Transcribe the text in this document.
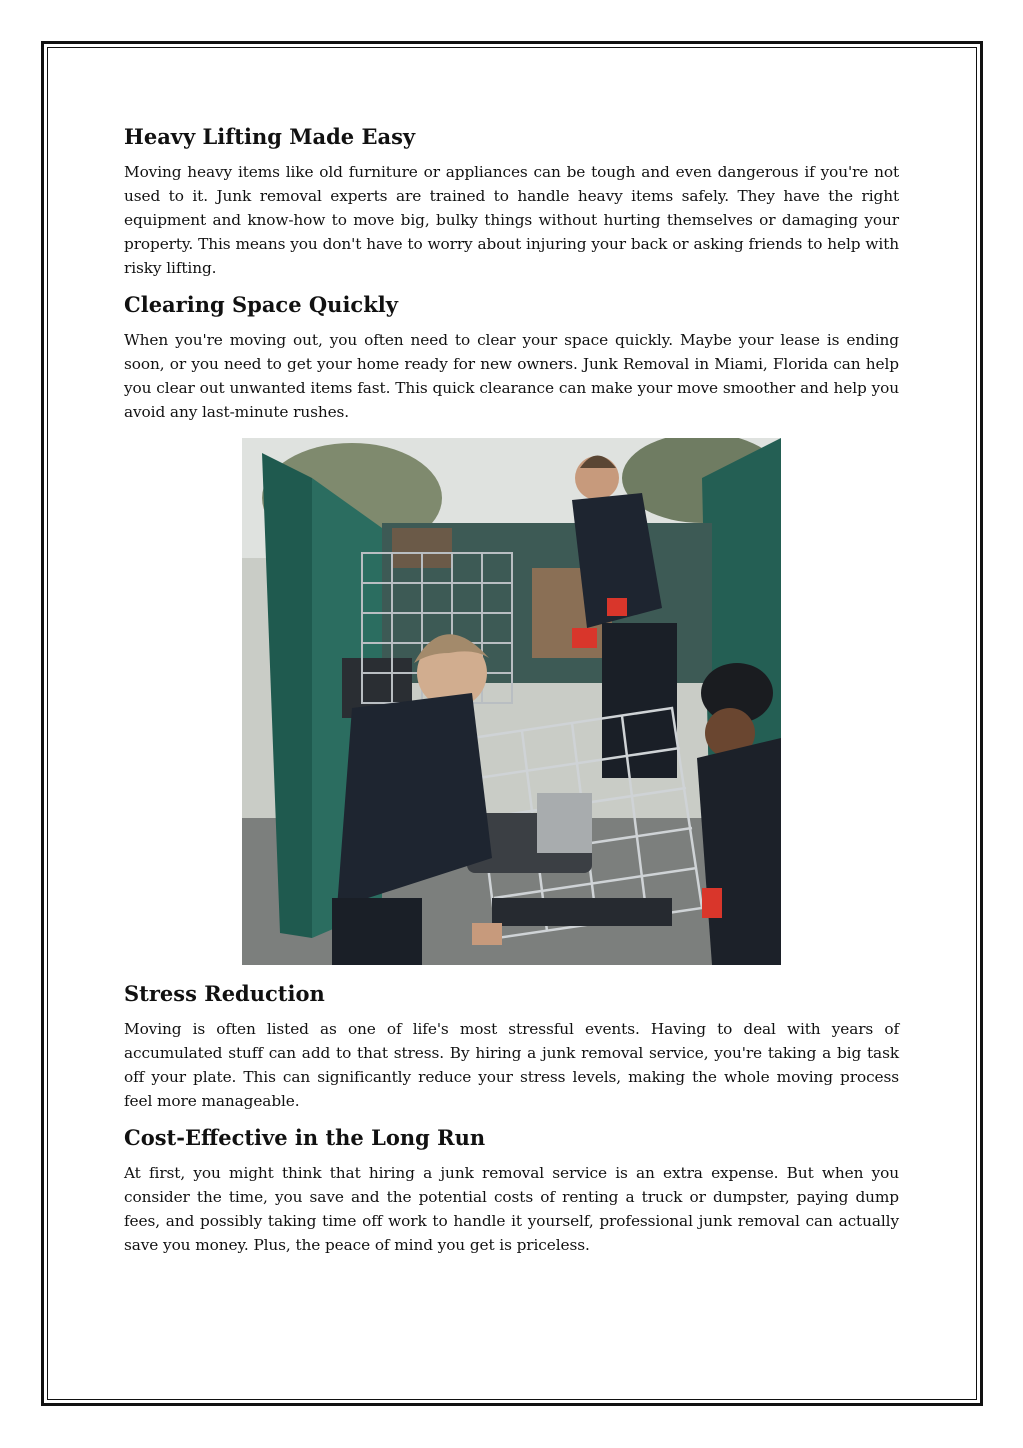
Heavy Lifting Made Easy

Moving heavy items like old furniture or appliances can be tough and even dangerous if you're not used to it. Junk removal experts are trained to handle heavy items safely. They have the right equipment and know-how to move big, bulky things without hurting themselves or damaging your property. This means you don't have to worry about injuring your back or asking friends to help with risky lifting.

Clearing Space Quickly

When you're moving out, you often need to clear your space quickly. Maybe your lease is ending soon, or you need to get your home ready for new owners. Junk Removal in Miami, Florida can help you clear out unwanted items fast. This quick clearance can make your move smoother and help you avoid any last-minute rushes.

Stress Reduction

Moving is often listed as one of life's most stressful events. Having to deal with years of accumulated stuff can add to that stress. By hiring a junk removal service, you're taking a big task off your plate. This can significantly reduce your stress levels, making the whole moving process feel more manageable.

Cost-Effective in the Long Run

At first, you might think that hiring a junk removal service is an extra expense. But when you consider the time, you save and the potential costs of renting a truck or dumpster, paying dump fees, and possibly taking time off work to handle it yourself, professional junk removal can actually save you money. Plus, the peace of mind you get is priceless.
